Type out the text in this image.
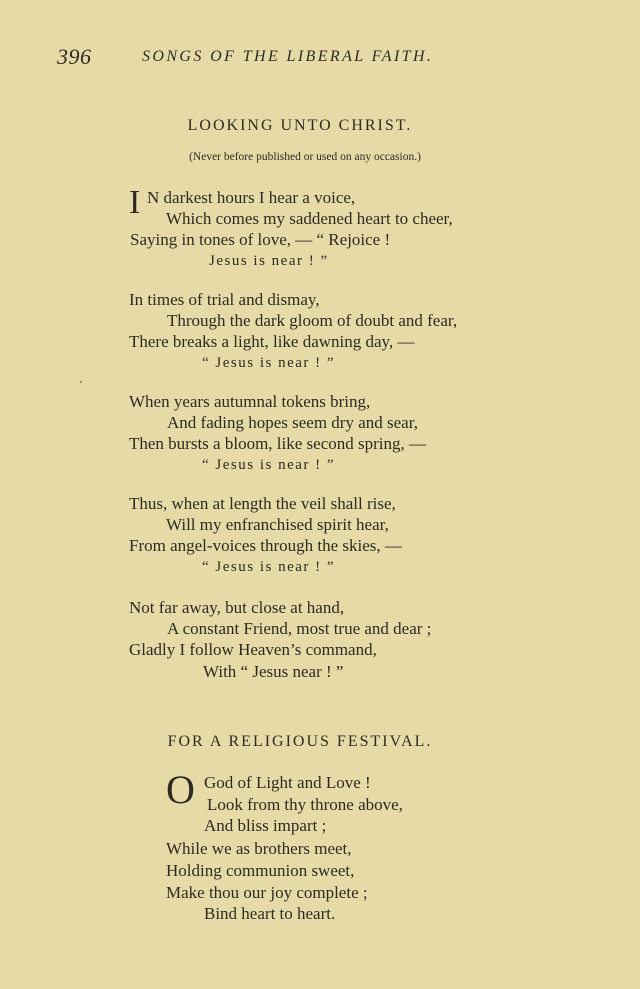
396	SONGS OF THE LIBERAL FAITH.
LOOKING UNTO CHRIST.
(Never before published or used on any occasion.)
I N darkest hours I hear a voice,
Which comes my saddened heart to cheer,
Saying in tones of love, — “ Rejoice !
Jesus is near ! ”
In times of trial and dismay,
Through the dark gloom of doubt and fear,
There breaks a light, like dawning day, —
“ Jesus is near ! ”
When years autumnal tokens bring,
And fading hopes seem dry and sear,
Then bursts a bloom, like second spring, —
“ Jesus is near ! ”
Thus, when at length the veil shall rise,
Will my enfranchised spirit hear,
From angel-voices through the skies, —
“ Jesus is near ! ”
Not far away, but close at hand,
A constant Friend, most true and dear ;
Gladly I follow Heaven’s command,
With “ Jesus near ! ”
FOR A RELIGIOUS FESTIVAL.
O God of Light and Love !
Look from thy throne above,
And bliss impart ;
While we as brothers meet,
Holding communion sweet,
Make thou our joy complete ;
Bind heart to heart.
